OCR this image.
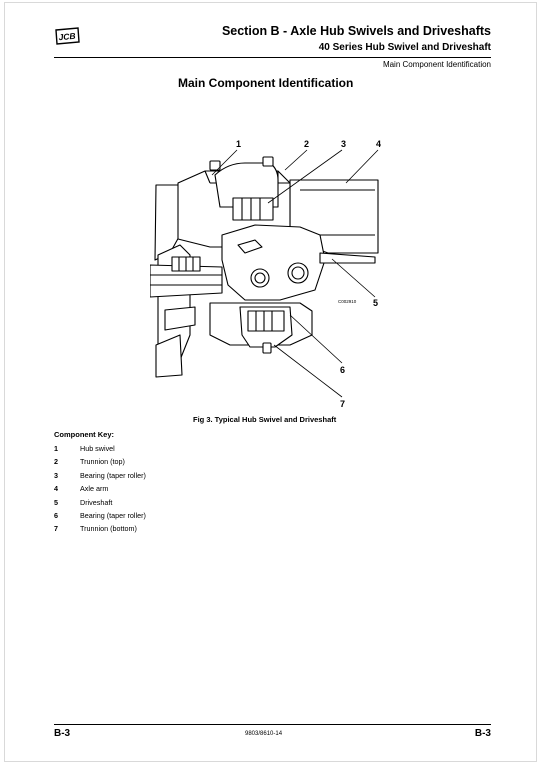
JCB	Section B - Axle Hub Swivels and Driveshafts
40 Series Hub Swivel and Driveshaft
Main Component Identification
Main Component Identification
1	2	3	4
5
6
7
C002910
Fig 3. Typical Hub Swivel and Driveshaft
Component Key:
1	Hub swivel
2	Trunnion (top)
3	Bearing (taper roller)
4	Axle arm
5	Driveshaft
6	Bearing (taper roller)
7	Trunnion (bottom)
B-3	9803/8610-14	B-3
